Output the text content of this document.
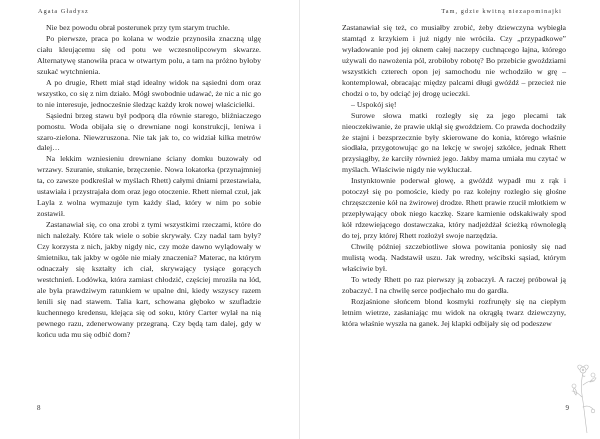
Agata Gładysz

Nie bez powodu obrał posterunek przy tym starym truchle.

Po pierwsze, praca po kolana w wodzie przynosiła znaczną ulgę ciału kleującemu się od potu we wczesnolipcowym skwarze. Alternatywę stanowiła praca w otwartym polu, a tam na próżno byłoby szukać wytchnienia.

A po drugie, Rhett miał stąd idealny widok na sąsiedni dom oraz wszystko, co się z nim działo. Mógł swobodnie udawać, że nic a nic go to nie interesuje, jednocześnie śledząc każdy krok nowej właścicielki.

Sąsiedni brzeg stawu był podporą dla równie starego, bliźniaczego pomostu. Woda obijała się o drewniane nogi konstrukcji, leniwa i szaro-zielona. Niewzruszona. Nie tak jak to, co widział kilka metrów dalej…

Na lekkim wzniesieniu drewniane ściany domku buzowały od wrzawy. Szuranie, stukanie, brzęczenie. Nowa lokatorka (przynajmniej ta, co zawsze podkreślał w myślach Rhett) całymi dniami przestawiała, ustawiała i przystrajała dom oraz jego otoczenie. Rhett niemal czuł, jak Layla z wolna wymazuje tym każdy ślad, który w nim po sobie zostawił.

Zastanawiał się, co ona zrobi z tymi wszystkimi rzeczami, które do nich należały. Które tak wiele o sobie skrywały. Czy nadal tam były? Czy korzysta z nich, jakby nigdy nic, czy może dawno wylądowały w śmietniku, tak jakby w ogóle nie miały znaczenia? Materac, na którym odnaczały się kształty ich ciał, skrywający tysiące gorących westchnień. Lodówka, która zamiast chłodzić, częściej mroziła na lód, ale była prawdziwym ratunkiem w upalne dni, kiedy wszyscy razem lenili się nad stawem. Talia kart, schowana głęboko w szufladzie kuchennego kredensu, klejąca się od soku, który Carter wylał na nią pewnego razu, zdenerwowany przegraną. Czy będą tam dalej, gdy w końcu uda mu się odbić dom?

8
Tam, gdzie kwitną niezapominajki

Zastanawiał się też, co musiałby zrobić, żeby dziewczyna wybiegła stamtąd z krzykiem i już nigdy nie wróciła. Czy „przypadkowe” wyładowanie pod jej oknem całej naczepy cuchnącego łajna, którego używali do nawożenia pól, zrobiłoby robotę? Bo przebicie gwoździami wszystkich czterech opon jej samochodu nie wchodziło w grę – kontemplował, obracając między palcami długi gwóźdź – przecież nie chodzi o to, by odciąć jej drogę ucieczki.

– Uspokój się!

Surowe słowa matki rozległy się za jego plecami tak nieoczekiwanie, że prawie uklął się gwoździem. Co prawda dochodziły że stajni i bezsprzecznie były skierowane do konia, którego właśnie siodłała, przygotowując go na lekcję w swojej szkółce, jednak Rhett przysiągłby, że karciły również jego. Jakby mama umiała mu czytać w myślach. Właściwie nigdy nie wykluczał.

Instynktownie poderwał głowę, a gwóźdź wypadł mu z rąk i potoczył się po pomoście, kiedy po raz kolejny rozległo się głośne chrzęszczenie kół na żwirowej drodze. Rhett prawie rzucił młotkiem w przepływający obok niego kaczkę. Szare kamienie odskakiwały spod kół rdzewiejącego dostawczaka, który nadjeżdżał ścieżką równoległą do tej, przy której Rhett rozłożył swoje narzędzia.

Chwilę później szczebiotliwe słowa powitania poniosły się nad mulistą wodą. Nadstawił uszu. Jak wredny, wścibski sąsiad, którym właściwie był.

To wtedy Rhett po raz pierwszy ją zobaczył. A raczej próbował ją zobaczyć. I na chwilę serce podjechało mu do gardła.

Rozjaśnione słońcem blond kosmyki rozfrunęły się na ciepłym letnim wietrze, zasłaniając mu widok na okrągłą twarz dziewczyny, która właśnie wyszła na ganek. Jej klapki odbijały się od podeszew

9
